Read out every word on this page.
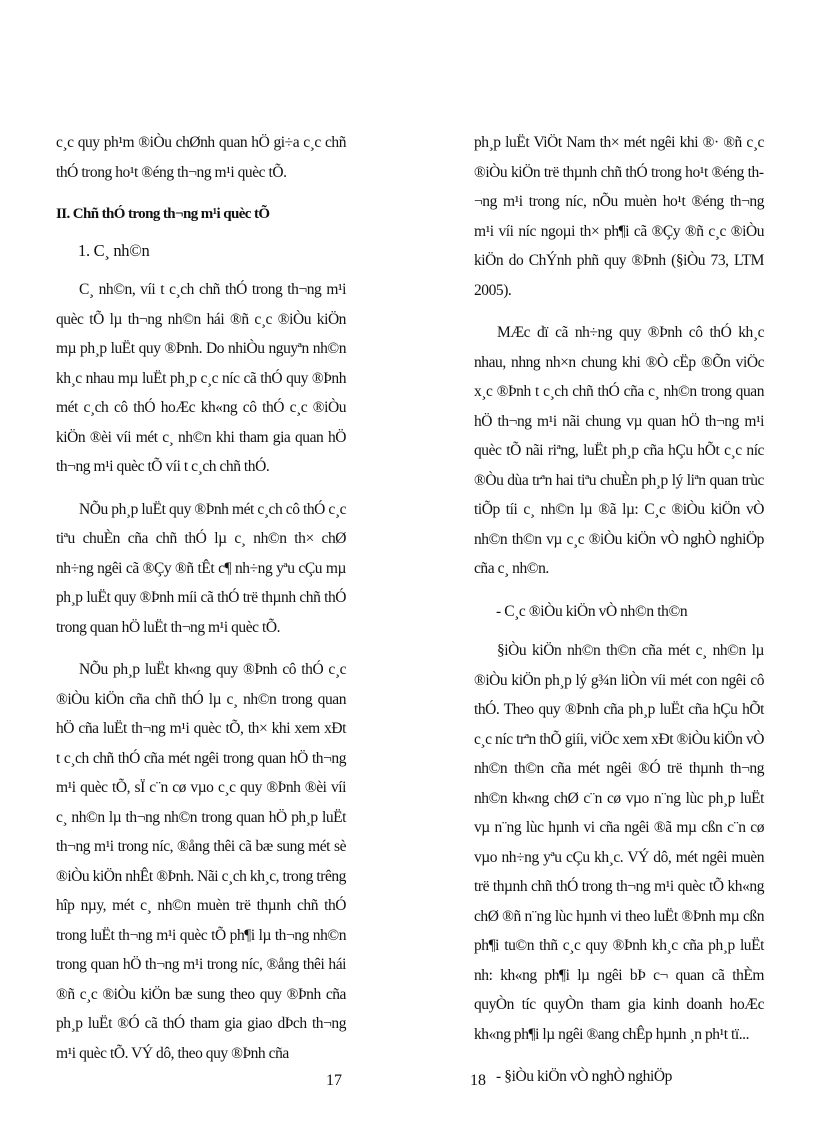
c¸c quy ph¹m ®iÒu chØnh quan hÖ gi÷a c¸c chñ thÓ trong ho¹t ®éng th¬ng m¹i quèc tÕ.

II. Chñ thÓ trong th¬ng m¹i quèc tÕ
1. C¸ nh©n

C¸ nh©n, víi t c¸ch chñ thÓ trong th¬ng m¹i quèc tÕ lµ th¬ng nh©n hái ®ñ c¸c ®iÒu kiÖn mµ ph¸p luËt quy ®Þnh. Do nhiÒu nguyªn nh©n kh¸c nhau mµ luËt ph¸p c¸c níc cã thÓ quy ®Þnh mét c¸ch cô thÓ hoÆc kh«ng cô thÓ c¸c ®iÒu kiÖn ®èi víi mét c¸ nh©n khi tham gia quan hÖ th¬ng m¹i quèc tÕ víi t c¸ch chñ thÓ.

NÕu ph¸p luËt quy ®Þnh mét c¸ch cô thÓ c¸c tiªu chuÈn cña chñ thÓ lµ c¸ nh©n th× chØ nh÷ng ngêi cã ®Çy ®ñ tÊt c¶ nh÷ng yªu cÇu mµ ph¸p luËt quy ®Þnh míi cã thÓ trë thµnh chñ thÓ trong quan hÖ luËt th¬ng m¹i quèc tÕ.

NÕu ph¸p luËt kh«ng quy ®Þnh cô thÓ c¸c ®iÒu kiÖn cña chñ thÓ lµ c¸ nh©n trong quan hÖ cña luËt th¬ng m¹i quèc tÕ, th× khi xem xÐt t c¸ch chñ thÓ cña mét ngêi trong quan hÖ th¬ng m¹i quèc tÕ, sÏ c¨n cø vµo c¸c quy ®Þnh ®èi víi c¸ nh©n lµ th¬ng nh©n trong quan hÖ ph¸p luËt th¬ng m¹i trong níc, ®ång thêi cã bæ sung mét sè ®iÒu kiÖn nhÊt ®Þnh. Nãi c¸ch kh¸c, trong trêng hîp nµy, mét c¸ nh©n muèn trë thµnh chñ thÓ trong luËt th¬ng m¹i quèc tÕ ph¶i lµ th¬ng nh©n trong quan hÖ th¬ng m¹i trong níc, ®ång thêi hái ®ñ c¸c ®iÒu kiÖn bæ sung theo quy ®Þnh cña ph¸p luËt ®Ó cã thÓ tham gia giao dÞch th¬ng m¹i quèc tÕ. VÝ dô, theo quy ®Þnh cña

ph¸p luËt ViÖt Nam th× mét ngêi khi ®· ®ñ c¸c ®iÒu kiÖn trë thµnh chñ thÓ trong ho¹t ®éng th¬ng m¹i trong níc, nÕu muèn ho¹t ®éng th¬ng m¹i víi níc ngoµi th× ph¶i cã ®Çy ®ñ c¸c ®iÒu kiÖn do ChÝnh phñ quy ®Þnh (§iÒu 73, LTM 2005).

MÆc dï cã nh÷ng quy ®Þnh cô thÓ kh¸c nhau, nhng nh×n chung khi ®Ò cËp ®Õn viÖc x¸c ®Þnh t c¸ch chñ thÓ cña c¸ nh©n trong quan hÖ th¬ng m¹i nãi chung vµ quan hÖ th¬ng m¹i quèc tÕ nãi riªng, luËt ph¸p cña hÇu hÕt c¸c níc ®Òu dùa trªn hai tiªu chuÈn ph¸p lý liªn quan trùc tiÕp tíi c¸ nh©n lµ ®ã lµ: C¸c ®iÒu kiÖn vÒ nh©n th©n vµ c¸c ®iÒu kiÖn vÒ nghÒ nghiÖp cña c¸ nh©n.

- C¸c ®iÒu kiÖn vÒ nh©n th©n

§iÒu kiÖn nh©n th©n cña mét c¸ nh©n lµ ®iÒu kiÖn ph¸p lý g¾n liÒn víi mét con ngêi cô thÓ. Theo quy ®Þnh cña ph¸p luËt cña hÇu hÕt c¸c níc trªn thÕ giíi, viÖc xem xÐt ®iÒu kiÖn vÒ nh©n th©n cña mét ngêi ®Ó trë thµnh th¬ng nh©n kh«ng chØ c¨n cø vµo n¨ng lùc ph¸p luËt vµ n¨ng lùc hµnh vi cña ngêi ®ã mµ cßn c¨n cø vµo nh÷ng yªu cÇu kh¸c. VÝ dô, mét ngêi muèn trë thµnh chñ thÓ trong th¬ng m¹i quèc tÕ kh«ng chØ ®ñ n¨ng lùc hµnh vi theo luËt ®Þnh mµ cßn ph¶i tu©n thñ c¸c quy ®Þnh kh¸c cña ph¸p luËt nh: kh«ng ph¶i lµ ngêi bÞ c¬ quan cã thÈm quyÒn tíc quyÒn tham gia kinh doanh hoÆc kh«ng ph¶i lµ ngêi ®ang chÊp hµnh ¸n ph¹t tï...

- §iÒu kiÖn vÒ nghÒ nghiÖp
17	18
